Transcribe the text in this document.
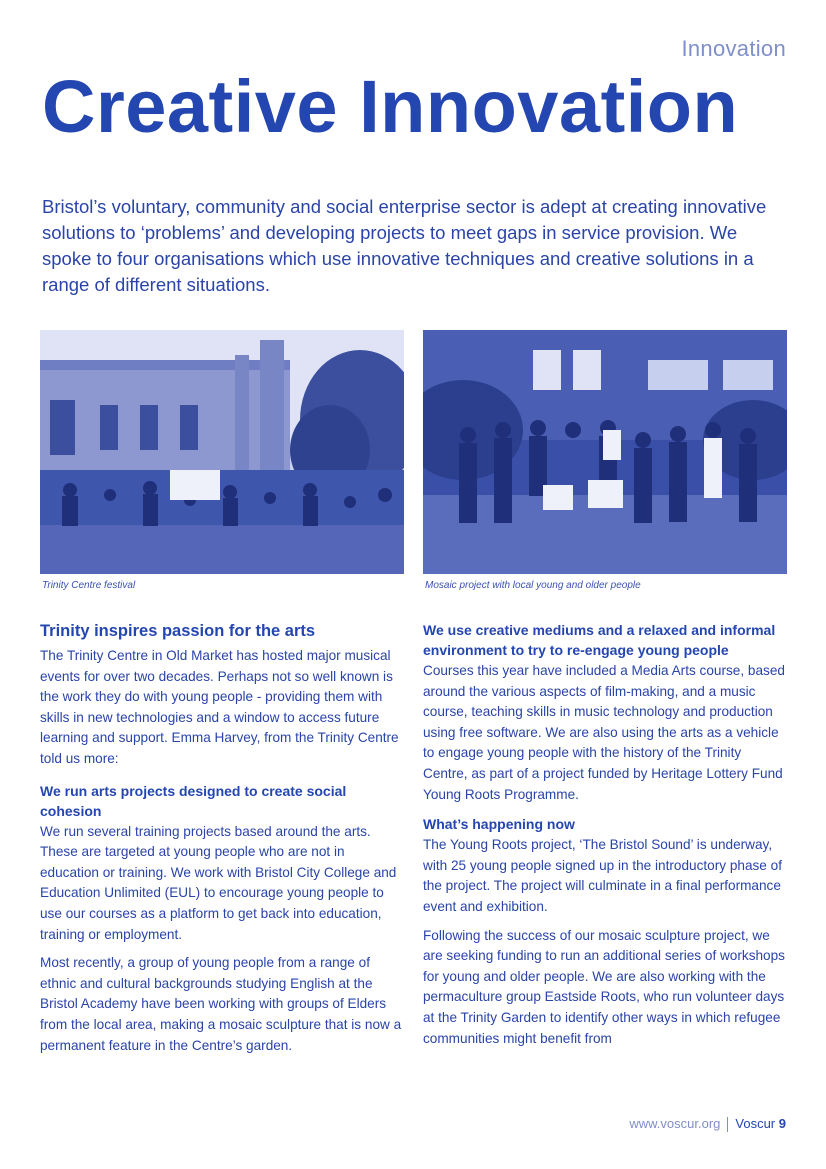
Innovation
Creative Innovation
Bristol’s voluntary, community and social enterprise sector is adept at creating innovative solutions to ‘problems’ and developing projects to meet gaps in service provision. We spoke to four organisations which use innovative techniques and creative solutions in a range of different situations.
Trinity Centre festival	Mosaic project with local young and older people
Trinity inspires passion for the arts

The Trinity Centre in Old Market has hosted major musical events for over two decades. Perhaps not so well known is the work they do with young people - providing them with skills in new technologies and a window to access future learning and support. Emma Harvey, from the Trinity Centre told us more:

We run arts projects designed to create social cohesion

We run several training projects based around the arts. These are targeted at young people who are not in education or training. We work with Bristol City College and Education Unlimited (EUL) to encourage young people to use our courses as a platform to get back into education, training or employment.

Most recently, a group of young people from a range of ethnic and cultural backgrounds studying English at the Bristol Academy have been working with groups of Elders from the local area, making a mosaic sculpture that is now a permanent feature in the Centre’s garden.

We use creative mediums and a relaxed and informal environment to try to re-engage young people

Courses this year have included a Media Arts course, based around the various aspects of film-making, and a music course, teaching skills in music technology and production using free software. We are also using the arts as a vehicle to engage young people with the history of the Trinity Centre, as part of a project funded by Heritage Lottery Fund Young Roots Programme.

What’s happening now

The Young Roots project, ‘The Bristol Sound’ is underway, with 25 young people signed up in the introductory phase of the project. The project will culminate in a final performance event and exhibition.

Following the success of our mosaic sculpture project, we are seeking funding to run an additional series of workshops for young and older people. We are also working with the permaculture group Eastside Roots, who run volunteer days at the Trinity Garden to identify other ways in which refugee communities might benefit from

www.voscur.org Voscur 9
